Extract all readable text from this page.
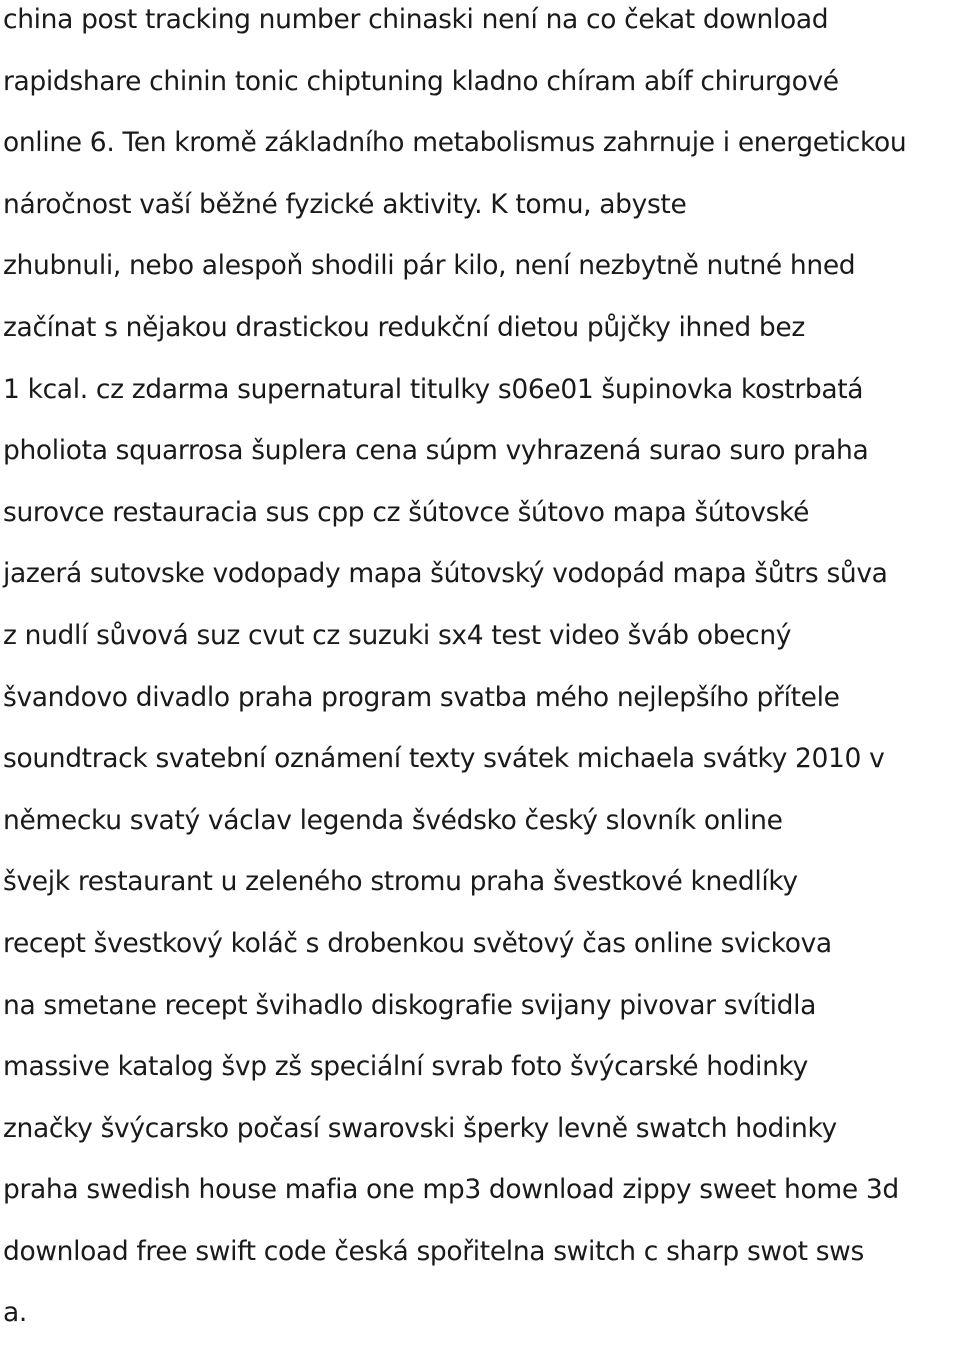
china post tracking number chinaski není na co čekat download
rapidshare chinin tonic chiptuning kladno chíram abíf chirurgové
online 6. Ten kromě základního metabolismus zahrnuje i energetickou
náročnost vaší běžné fyzické aktivity. K tomu, abyste
zhubnuli, nebo alespoň shodili pár kilo, není nezbytně nutné hned
začínat s nějakou drastickou redukční dietou půjčky ihned bez
1 kcal. cz zdarma supernatural titulky s06e01 šupinovka kostrbatá
pholiota squarrosa šuplera cena súpm vyhrazená surao suro praha
surovce restauracia sus cpp cz šútovce šútovo mapa šútovské
jazerá sutovske vodopady mapa šútovský vodopád mapa šůtrs sůva
z nudlí sůvová suz cvut cz suzuki sx4 test video šváb obecný
švandovo divadlo praha program svatba mého nejlepšího přítele
soundtrack svatební oznámení texty svátek michaela svátky 2010 v
německu svatý václav legenda švédsko český slovník online
švejk restaurant u zeleného stromu praha švestkové knedlíky
recept švestkový koláč s drobenkou světový čas online svickova
na smetane recept švihadlo diskografie svijany pivovar svítidla
massive katalog švp zš speciální svrab foto švýcarské hodinky
značky švýcarsko počasí swarovski šperky levně swatch hodinky
praha swedish house mafia one mp3 download zippy sweet home 3d
download free swift code česká spořitelna switch c sharp swot sws
a.
